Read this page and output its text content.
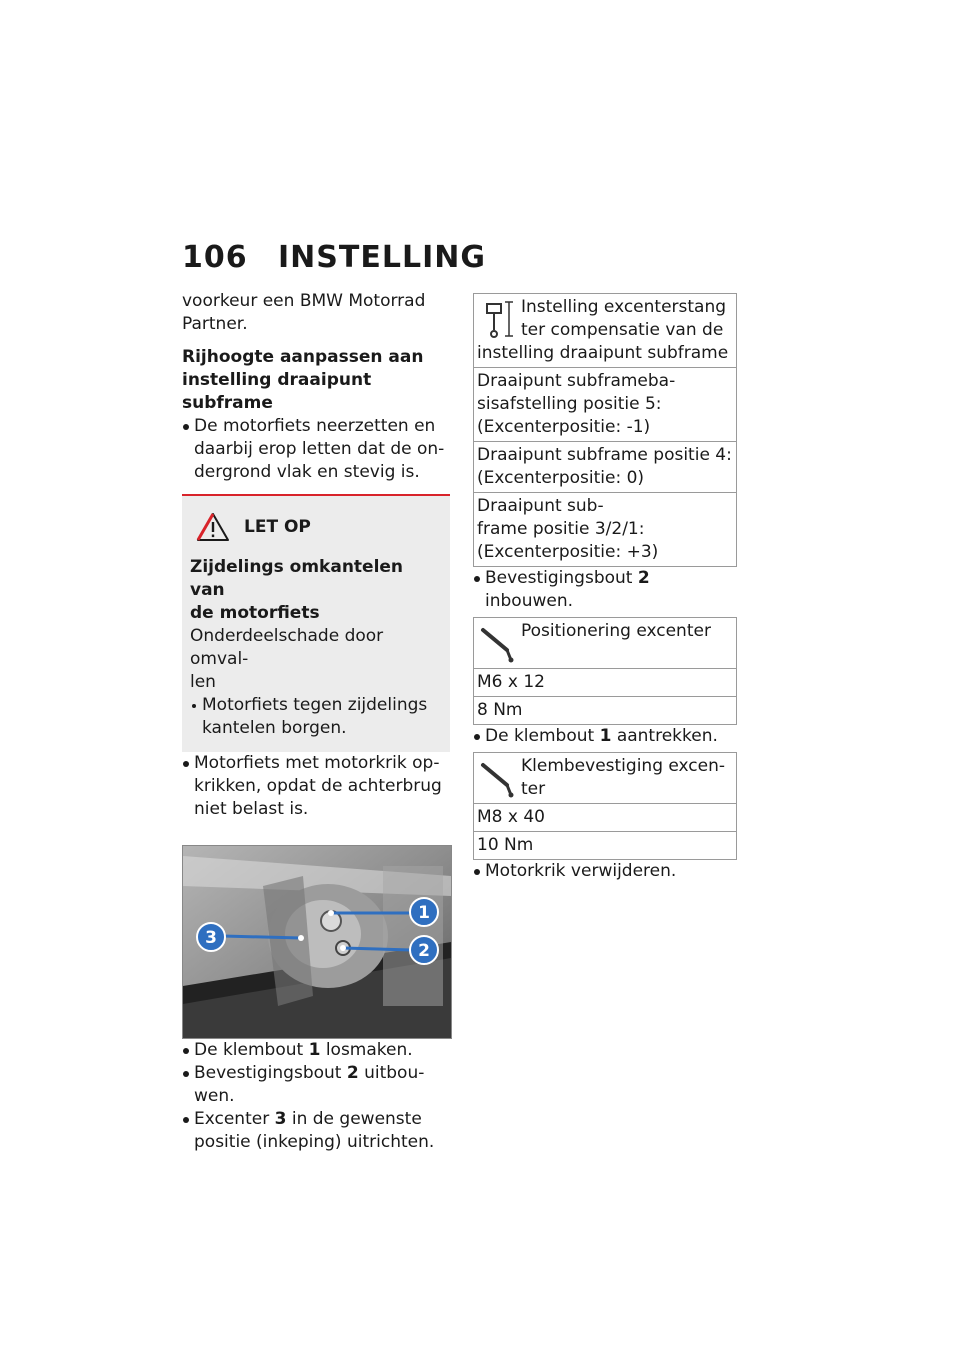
106 INSTELLING

voorkeur een BMW Motorrad
Partner.

Rijhoogte aanpassen aan
instelling draaipunt subframe
De motorfiets neerzetten en
daarbij erop letten dat de on-
dergrond vlak en stevig is.
LET OP
Zijdelings omkantelen van
de motorfiets

Onderdeelschade door omval-
len

Motorfiets tegen zijdelings
kantelen borgen.
Motorfiets met motorkrik op-
krikken, opdat de achterbrug
niet belast is.
1
2
3
De klembout 1 losmaken.
Bevestigingsbout 2 uitbou-
wen.
Excenter 3 in de gewenste
positie (inkeping) uitrichten.
Instelling excenterstang
ter compensatie van de
instelling draaipunt subframe
Draaipunt subframeba-
sisafstelling positie 5:
(Excenterpositie: -1)
Draaipunt subframe positie 4:
(Excenterpositie: 0)
Draaipunt sub-
frame positie 3/2/1:
(Excenterpositie: +3)
Bevestigingsbout 2 inbouwen.
Positionering excenter
M6 x 12
8 Nm
De klembout 1 aantrekken.
Klembevestiging excen-
ter
M8 x 40
10 Nm
Motorkrik verwijderen.
